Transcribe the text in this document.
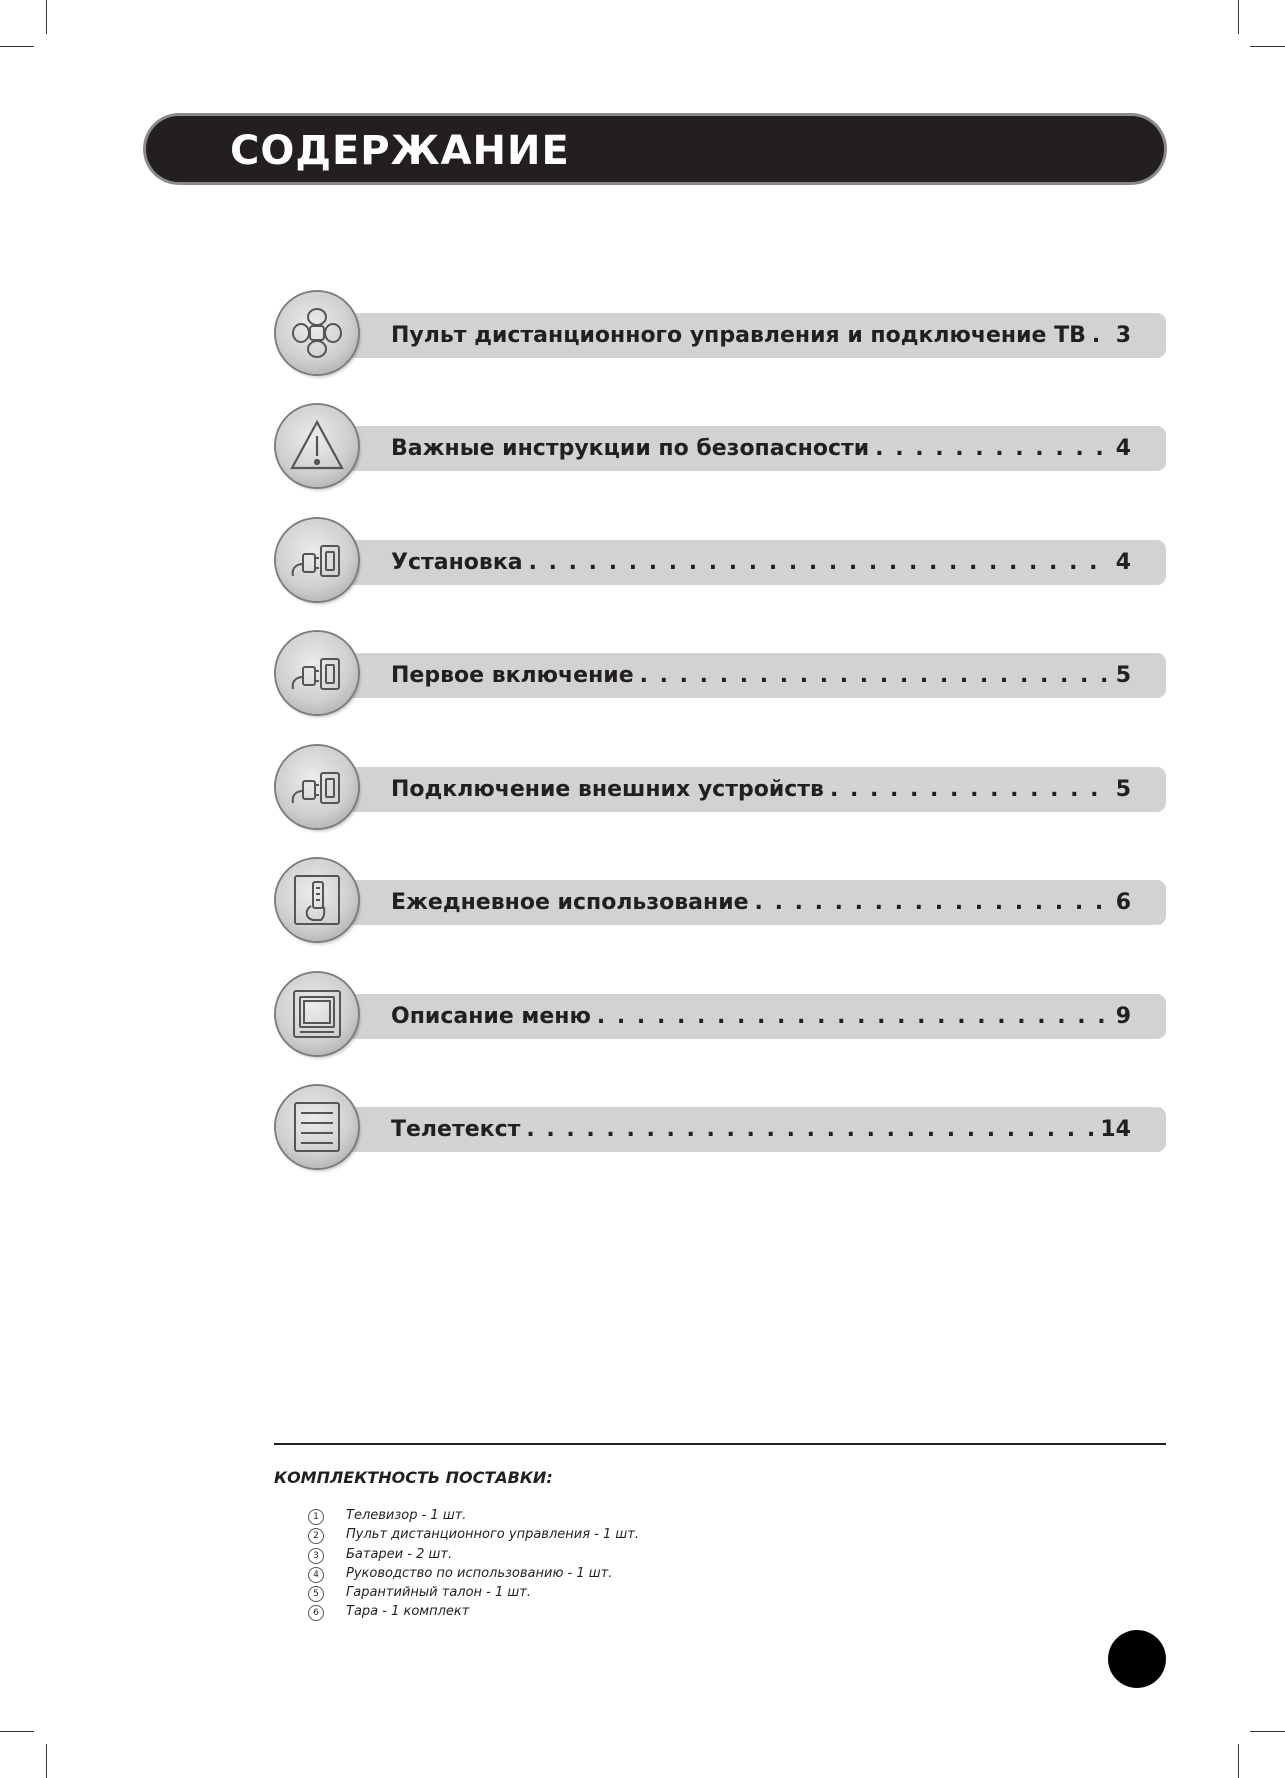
СОДЕРЖАНИЕ
Пульт дистанционного управления и подключение ТВ . . . 3
Важные инструкции по безопасности . . .	4
Установка . . .	4
Первое включение . . .	5
Подключение внешних устройств . . .	5
Ежедневное использование . . .	6
Описание меню . . .	9
Телетекст . . .	14
КОМПЛЕКТНОСТЬ ПОСТАВКИ:
1	Телевизор - 1 шт.
2	Пульт дистанционного управления - 1 шт.
3	Батареи - 2 шт.
4	Руководство по использованию - 1 шт.
5	Гарантийный талон - 1 шт.
6	Тара - 1 комплект
